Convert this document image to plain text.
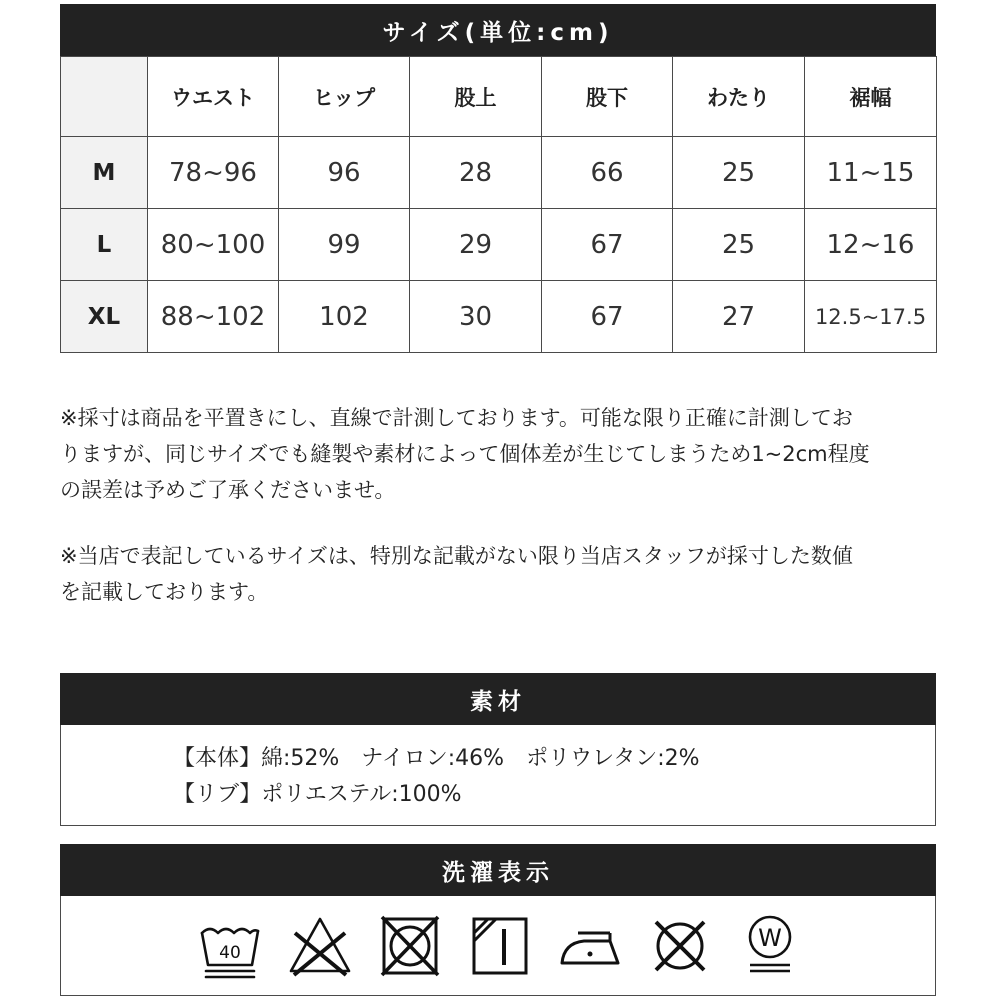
サイズ(単位:cm)
	ウエスト	ヒップ	股上	股下	わたり	裾幅
M	78~96	96	28	66	25	11~15
L	80~100	99	29	67	25	12~16
XL	88~102	102	30	67	27	12.5~17.5
※採寸は商品を平置きにし、直線で計測しております。可能な限り正確に計測してお
りますが、同じサイズでも縫製や素材によって個体差が生じてしまうため1~2cm程度
の誤差は予めご了承くださいませ。
※当店で表記しているサイズは、特別な記載がない限り当店スタッフが採寸した数値
を記載しております。
素材
【本体】綿:52%　ナイロン:46%　ポリウレタン:2%
【リブ】ポリエステル:100%
洗濯表示
40
W
